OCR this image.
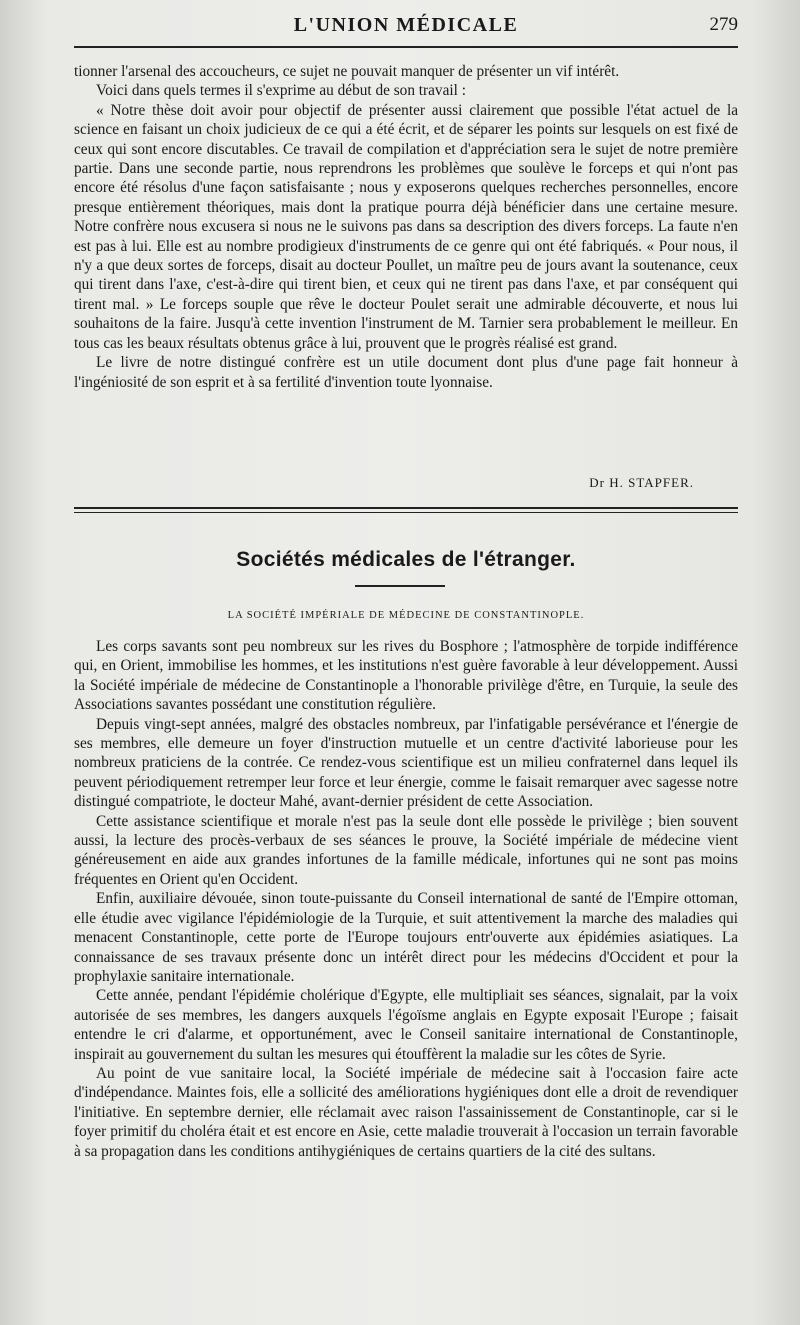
L'UNION MÉDICALE	279

tionner l'arsenal des accoucheurs, ce sujet ne pouvait manquer de présenter un vif intérêt.

Voici dans quels termes il s'exprime au début de son travail :

« Notre thèse doit avoir pour objectif de présenter aussi clairement que possible l'état actuel de la science en faisant un choix judicieux de ce qui a été écrit, et de séparer les points sur lesquels on est fixé de ceux qui sont encore discutables. Ce travail de compilation et d'appréciation sera le sujet de notre première partie. Dans une seconde partie, nous reprendrons les problèmes que soulève le forceps et qui n'ont pas encore été résolus d'une façon satisfaisante ; nous y exposerons quelques recherches personnelles, encore presque entièrement théoriques, mais dont la pratique pourra déjà bénéficier dans une certaine mesure. Notre confrère nous excusera si nous ne le suivons pas dans sa description des divers forceps. La faute n'en est pas à lui. Elle est au nombre prodigieux d'instruments de ce genre qui ont été fabriqués. « Pour nous, il n'y a que deux sortes de forceps, disait au docteur Poullet, un maître peu de jours avant la soutenance, ceux qui tirent dans l'axe, c'est-à-dire qui tirent bien, et ceux qui ne tirent pas dans l'axe, et par conséquent qui tirent mal. » Le forceps souple que rêve le docteur Poulet serait une admirable découverte, et nous lui souhaitons de la faire. Jusqu'à cette invention l'instrument de M. Tarnier sera probablement le meilleur. En tous cas les beaux résultats obtenus grâce à lui, prouvent que le progrès réalisé est grand.

Le livre de notre distingué confrère est un utile document dont plus d'une page fait honneur à l'ingéniosité de son esprit et à sa fertilité d'invention toute lyonnaise.

Dr H. STAPFER.
Sociétés médicales de l'étranger.
LA SOCIÉTÉ IMPÉRIALE DE MÉDECINE DE CONSTANTINOPLE.

Les corps savants sont peu nombreux sur les rives du Bosphore ; l'atmosphère de torpide indifférence qui, en Orient, immobilise les hommes, et les institutions n'est guère favorable à leur développement. Aussi la Société impériale de médecine de Constantinople a l'honorable privilège d'être, en Turquie, la seule des Associations savantes possédant une constitution régulière.

Depuis vingt-sept années, malgré des obstacles nombreux, par l'infatigable persévérance et l'énergie de ses membres, elle demeure un foyer d'instruction mutuelle et un centre d'activité laborieuse pour les nombreux praticiens de la contrée. Ce rendez-vous scientifique est un milieu confraternel dans lequel ils peuvent périodiquement retremper leur force et leur énergie, comme le faisait remarquer avec sagesse notre distingué compatriote, le docteur Mahé, avant-dernier président de cette Association.

Cette assistance scientifique et morale n'est pas la seule dont elle possède le privilège ; bien souvent aussi, la lecture des procès-verbaux de ses séances le prouve, la Société impériale de médecine vient généreusement en aide aux grandes infortunes de la famille médicale, infortunes qui ne sont pas moins fréquentes en Orient qu'en Occident.

Enfin, auxiliaire dévouée, sinon toute-puissante du Conseil international de santé de l'Empire ottoman, elle étudie avec vigilance l'épidémiologie de la Turquie, et suit attentivement la marche des maladies qui menacent Constantinople, cette porte de l'Europe toujours entr'ouverte aux épidémies asiatiques. La connaissance de ses travaux présente donc un intérêt direct pour les médecins d'Occident et pour la prophylaxie sanitaire internationale.

Cette année, pendant l'épidémie cholérique d'Egypte, elle multipliait ses séances, signalait, par la voix autorisée de ses membres, les dangers auxquels l'égoïsme anglais en Egypte exposait l'Europe ; faisait entendre le cri d'alarme, et opportunément, avec le Conseil sanitaire international de Constantinople, inspirait au gouvernement du sultan les mesures qui étouffèrent la maladie sur les côtes de Syrie.

Au point de vue sanitaire local, la Société impériale de médecine sait à l'occasion faire acte d'indépendance. Maintes fois, elle a sollicité des améliorations hygiéniques dont elle a droit de revendiquer l'initiative. En septembre dernier, elle réclamait avec raison l'assainissement de Constantinople, car si le foyer primitif du choléra était et est encore en Asie, cette maladie trouverait à l'occasion un terrain favorable à sa propagation dans les conditions antihygiéniques de certains quartiers de la cité des sultans.
